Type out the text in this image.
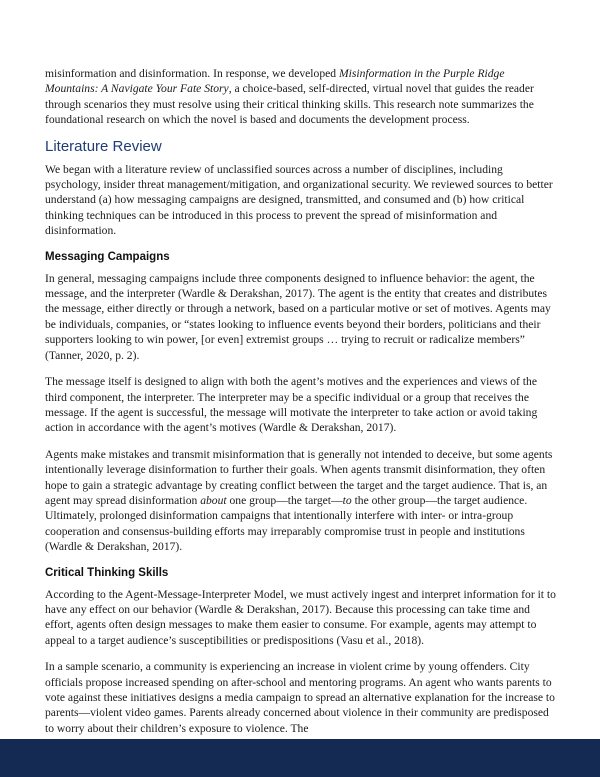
misinformation and disinformation. In response, we developed Misinformation in the Purple Ridge Mountains: A Navigate Your Fate Story, a choice-based, self-directed, virtual novel that guides the reader through scenarios they must resolve using their critical thinking skills. This research note summarizes the foundational research on which the novel is based and documents the development process.

Literature Review

We began with a literature review of unclassified sources across a number of disciplines, including psychology, insider threat management/mitigation, and organizational security. We reviewed sources to better understand (a) how messaging campaigns are designed, transmitted, and consumed and (b) how critical thinking techniques can be introduced in this process to prevent the spread of misinformation and disinformation.

Messaging Campaigns

In general, messaging campaigns include three components designed to influence behavior: the agent, the message, and the interpreter (Wardle & Derakshan, 2017). The agent is the entity that creates and distributes the message, either directly or through a network, based on a particular motive or set of motives. Agents may be individuals, companies, or “states looking to influence events beyond their borders, politicians and their supporters looking to win power, [or even] extremist groups … trying to recruit or radicalize members” (Tanner, 2020, p. 2).

The message itself is designed to align with both the agent’s motives and the experiences and views of the third component, the interpreter. The interpreter may be a specific individual or a group that receives the message. If the agent is successful, the message will motivate the interpreter to take action or avoid taking action in accordance with the agent’s motives (Wardle & Derakshan, 2017).

Agents make mistakes and transmit misinformation that is generally not intended to deceive, but some agents intentionally leverage disinformation to further their goals. When agents transmit disinformation, they often hope to gain a strategic advantage by creating conflict between the target and the target audience. That is, an agent may spread disinformation about one group—the target—to the other group—the target audience. Ultimately, prolonged disinformation campaigns that intentionally interfere with inter- or intra-group cooperation and consensus-building efforts may irreparably compromise trust in people and institutions (Wardle & Derakshan, 2017).

Critical Thinking Skills

According to the Agent-Message-Interpreter Model, we must actively ingest and interpret information for it to have any effect on our behavior (Wardle & Derakshan, 2017). Because this processing can take time and effort, agents often design messages to make them easier to consume. For example, agents may attempt to appeal to a target audience’s susceptibilities or predispositions (Vasu et al., 2018).

In a sample scenario, a community is experiencing an increase in violent crime by young offenders. City officials propose increased spending on after-school and mentoring programs. An agent who wants parents to vote against these initiatives designs a media campaign to spread an alternative explanation for the increase to parents—violent video games. Parents already concerned about violence in their community are predisposed to worry about their children’s exposure to violence. The
